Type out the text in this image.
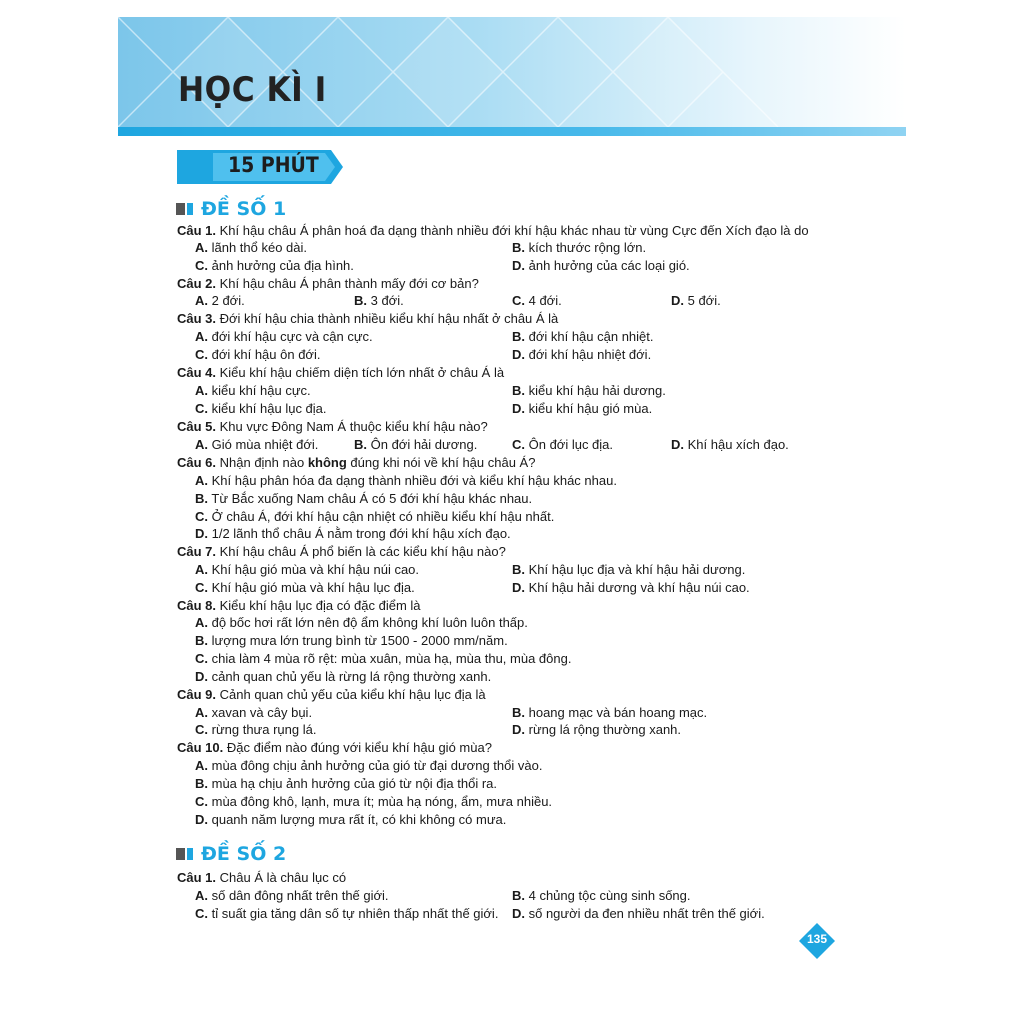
HỌC KÌ I
15 PHÚT
ĐỀ SỐ 1
Câu 1. Khí hậu châu Á phân hoá đa dạng thành nhiều đới khí hậu khác nhau từ vùng Cực đến Xích đạo là do
A. lãnh thổ kéo dài.	B. kích thước rộng lớn.
C. ảnh hưởng của địa hình.	D. ảnh hưởng của các loại gió.
Câu 2. Khí hậu châu Á phân thành mấy đới cơ bản?
A. 2 đới.	B. 3 đới.	C. 4 đới.	D. 5 đới.
Câu 3. Đới khí hậu chia thành nhiều kiểu khí hậu nhất ở châu Á là
A. đới khí hậu cực và cận cực.	B. đới khí hậu cận nhiệt.
C. đới khí hậu ôn đới.	D. đới khí hậu nhiệt đới.
Câu 4. Kiểu khí hậu chiếm diện tích lớn nhất ở châu Á là
A. kiểu khí hậu cực.	B. kiểu khí hậu hải dương.
C. kiểu khí hậu lục địa.	D. kiểu khí hậu gió mùa.
Câu 5. Khu vực Đông Nam Á thuộc kiểu khí hậu nào?
A. Gió mùa nhiệt đới.	B. Ôn đới hải dương.	C. Ôn đới lục địa.	D. Khí hậu xích đạo.
Câu 6. Nhận định nào không đúng khi nói về khí hậu châu Á?
A. Khí hậu phân hóa đa dạng thành nhiều đới và kiểu khí hậu khác nhau.
B. Từ Bắc xuống Nam châu Á có 5 đới khí hậu khác nhau.
C. Ở châu Á, đới khí hậu cận nhiệt có nhiều kiểu khí hậu nhất.
D. 1/2 lãnh thổ châu Á nằm trong đới khí hậu xích đạo.
Câu 7. Khí hậu châu Á phổ biến là các kiểu khí hậu nào?
A. Khí hậu gió mùa và khí hậu núi cao.	B. Khí hậu lục địa và khí hậu hải dương.
C. Khí hậu gió mùa và khí hậu lục địa.	D. Khí hậu hải dương và khí hậu núi cao.
Câu 8. Kiểu khí hậu lục địa có đặc điểm là
A. độ bốc hơi rất lớn nên độ ẩm không khí luôn luôn thấp.
B. lượng mưa lớn trung bình từ 1500 - 2000 mm/năm.
C. chia làm 4 mùa rõ rệt: mùa xuân, mùa hạ, mùa thu, mùa đông.
D. cảnh quan chủ yếu là rừng lá rộng thường xanh.
Câu 9. Cảnh quan chủ yếu của kiểu khí hậu lục địa là
A. xavan và cây bụi.	B. hoang mạc và bán hoang mạc.
C. rừng thưa rụng lá.	D. rừng lá rộng thường xanh.
Câu 10. Đặc điểm nào đúng với kiểu khí hậu gió mùa?
A. mùa đông chịu ảnh hưởng của gió từ đại dương thổi vào.
B. mùa hạ chịu ảnh hưởng của gió từ nội địa thổi ra.
C. mùa đông khô, lạnh, mưa ít; mùa hạ nóng, ẩm, mưa nhiều.
D. quanh năm lượng mưa rất ít, có khi không có mưa.
ĐỀ SỐ 2
Câu 1. Châu Á là châu lục có
A. số dân đông nhất trên thế giới.	B. 4 chủng tộc cùng sinh sống.
C. tỉ suất gia tăng dân số tự nhiên thấp nhất thế giới. D. số người da đen nhiều nhất trên thế giới.
135
